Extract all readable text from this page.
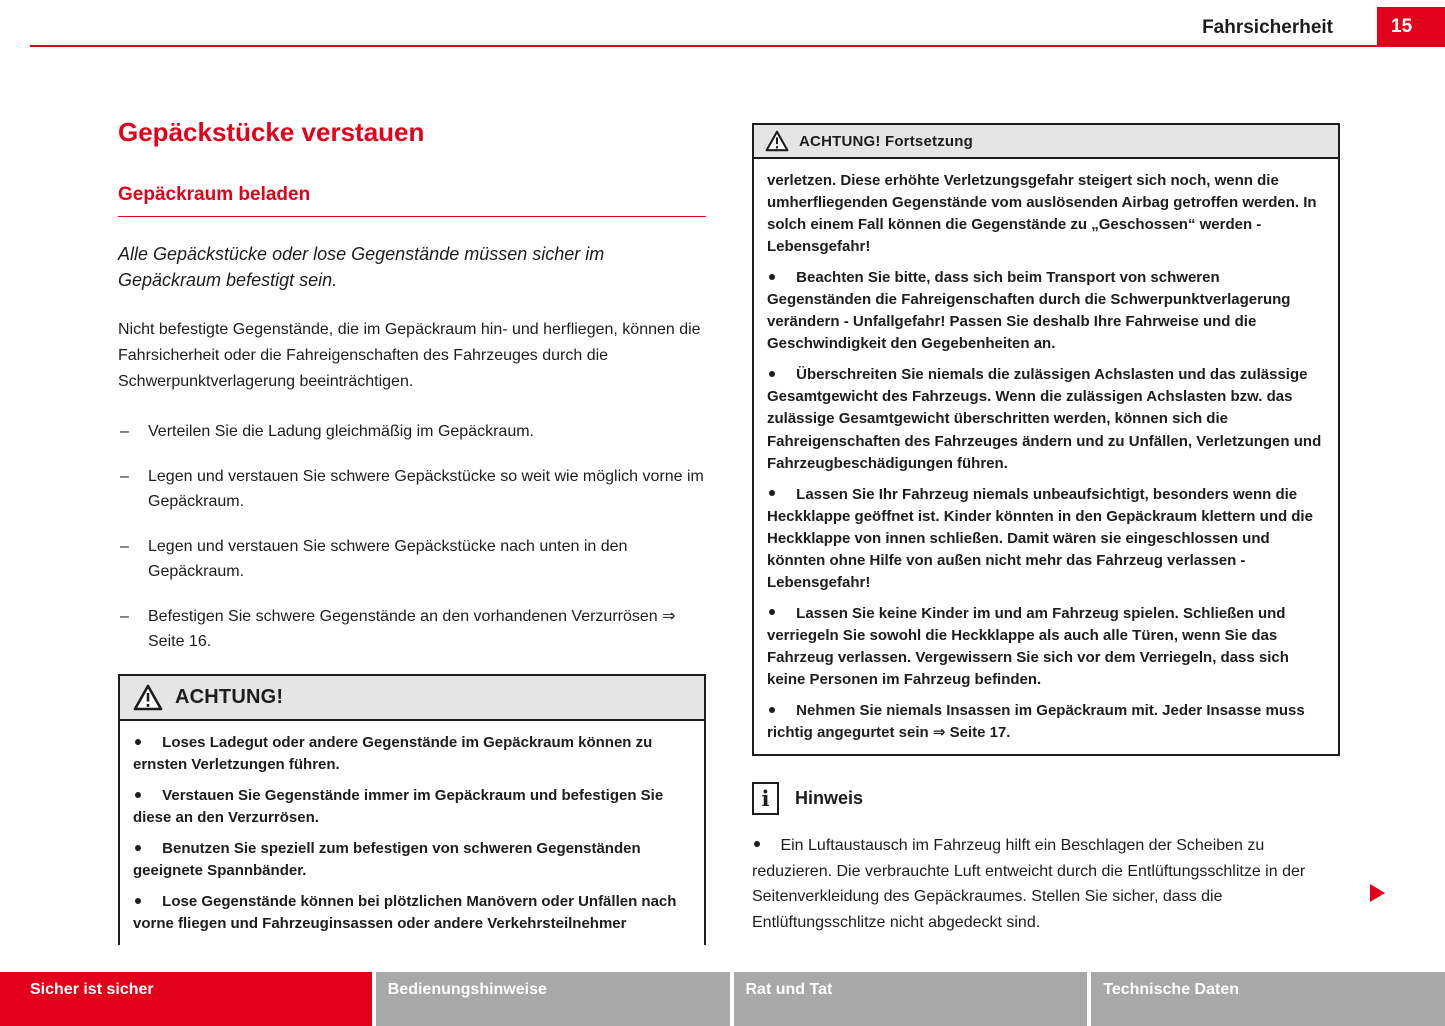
Fahrsicherheit	15
Gepäckstücke verstauen
Gepäckraum beladen

Alle Gepäckstücke oder lose Gegenstände müssen sicher im Gepäckraum befestigt sein.

Nicht befestigte Gegenstände, die im Gepäckraum hin- und herfliegen, können die Fahrsicherheit oder die Fahreigenschaften des Fahrzeuges durch die Schwerpunktverlagerung beeinträchtigen.

– Verteilen Sie die Ladung gleichmäßig im Gepäckraum.

– Legen und verstauen Sie schwere Gepäckstücke so weit wie möglich vorne im Gepäckraum.

– Legen und verstauen Sie schwere Gepäckstücke nach unten in den Gepäckraum.

– Befestigen Sie schwere Gegenstände an den vorhandenen Verzurrösen ⇒ Seite 16.

ACHTUNG!

Loses Ladegut oder andere Gegenstände im Gepäckraum können zu ernsten Verletzungen führen.

Verstauen Sie Gegenstände immer im Gepäckraum und befestigen Sie diese an den Verzurrösen.

Benutzen Sie speziell zum befestigen von schweren Gegenständen geeignete Spannbänder.

Lose Gegenstände können bei plötzlichen Manövern oder Unfällen nach vorne fliegen und Fahrzeuginsassen oder andere Verkehrsteilnehmer

ACHTUNG! Fortsetzung

verletzen. Diese erhöhte Verletzungsgefahr steigert sich noch, wenn die umherfliegenden Gegenstände vom auslösenden Airbag getroffen werden. In solch einem Fall können die Gegenstände zu „Geschossen“ werden - Lebensgefahr!

Beachten Sie bitte, dass sich beim Transport von schweren Gegenständen die Fahreigenschaften durch die Schwerpunktverlagerung verändern - Unfallgefahr! Passen Sie deshalb Ihre Fahrweise und die Geschwindigkeit den Gegebenheiten an.

Überschreiten Sie niemals die zulässigen Achslasten und das zulässige Gesamtgewicht des Fahrzeugs. Wenn die zulässigen Achslasten bzw. das zulässige Gesamtgewicht überschritten werden, können sich die Fahreigenschaften des Fahrzeuges ändern und zu Unfällen, Verletzungen und Fahrzeugbeschädigungen führen.

Lassen Sie Ihr Fahrzeug niemals unbeaufsichtigt, besonders wenn die Heckklappe geöffnet ist. Kinder könnten in den Gepäckraum klettern und die Heckklappe von innen schließen. Damit wären sie eingeschlossen und könnten ohne Hilfe von außen nicht mehr das Fahrzeug verlassen - Lebensgefahr!

Lassen Sie keine Kinder im und am Fahrzeug spielen. Schließen und verriegeln Sie sowohl die Heckklappe als auch alle Türen, wenn Sie das Fahrzeug verlassen. Vergewissern Sie sich vor dem Verriegeln, dass sich keine Personen im Fahrzeug befinden.

Nehmen Sie niemals Insassen im Gepäckraum mit. Jeder Insasse muss richtig angegurtet sein ⇒ Seite 17.

i Hinweis

Ein Luftaustausch im Fahrzeug hilft ein Beschlagen der Scheiben zu reduzieren. Die verbrauchte Luft entweicht durch die Entlüftungsschlitze in der Seitenverkleidung des Gepäckraumes. Stellen Sie sicher, dass die Entlüftungsschlitze nicht abgedeckt sind.

Sicher ist sicher	Bedienungshinweise	Rat und Tat	Technische Daten
